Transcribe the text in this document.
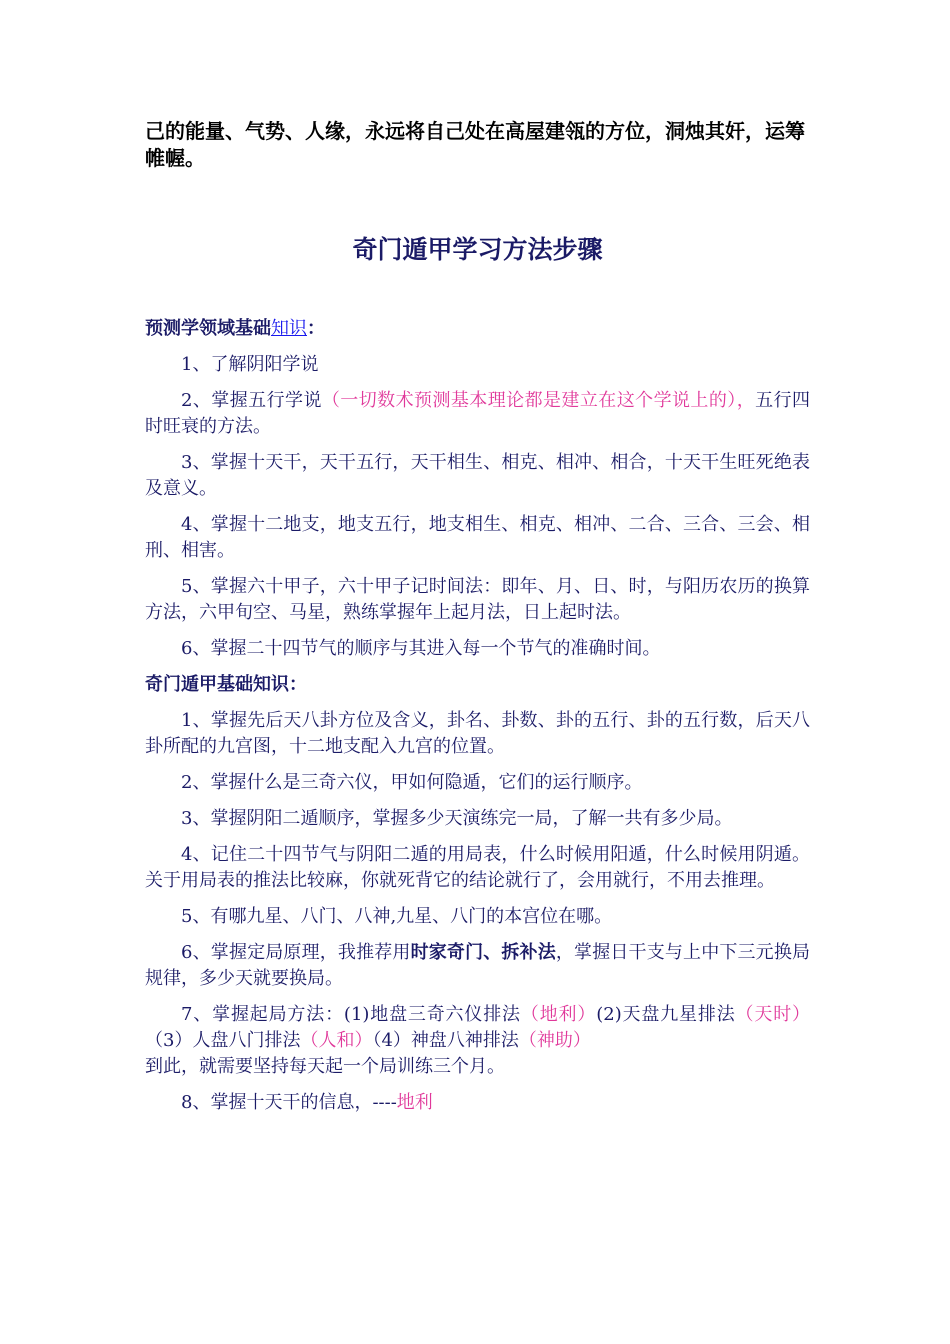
己的能量、气势、人缘，永远将自己处在高屋建瓴的方位，洞烛其奸，运筹帷幄。

奇门遁甲学习方法步骤

预测学领域基础知识：

1、了解阴阳学说

2、掌握五行学说（一切数术预测基本理论都是建立在这个学说上的），五行四时旺衰的方法。

3、掌握十天干，天干五行，天干相生、相克、相冲、相合，十天干生旺死绝表及意义。

4、掌握十二地支，地支五行，地支相生、相克、相冲、二合、三合、三会、相刑、相害。

5、掌握六十甲子，六十甲子记时间法：即年、月、日、时，与阳历农历的换算方法，六甲旬空、马星，熟练掌握年上起月法，日上起时法。

6、掌握二十四节气的顺序与其进入每一个节气的准确时间。

奇门遁甲基础知识：

1、掌握先后天八卦方位及含义，卦名、卦数、卦的五行、卦的五行数，后天八卦所配的九宫图，十二地支配入九宫的位置。

2、掌握什么是三奇六仪，甲如何隐遁，它们的运行顺序。

3、掌握阴阳二遁顺序，掌握多少天演练完一局，了解一共有多少局。

4、记住二十四节气与阴阳二遁的用局表，什么时候用阳遁，什么时候用阴遁。关于用局表的推法比较麻，你就死背它的结论就行了，会用就行，不用去推理。

5、有哪九星、八门、八神,九星、八门的本宫位在哪。

6、掌握定局原理，我推荐用时家奇门、拆补法，掌握日干支与上中下三元换局规律，多少天就要换局。

7、掌握起局方法：(1)地盘三奇六仪排法（地利）(2)天盘九星排法（天时）（3）人盘八门排法（人和）（4）神盘八神排法（神助）

到此，就需要坚持每天起一个局训练三个月。

8、掌握十天干的信息，----地利
